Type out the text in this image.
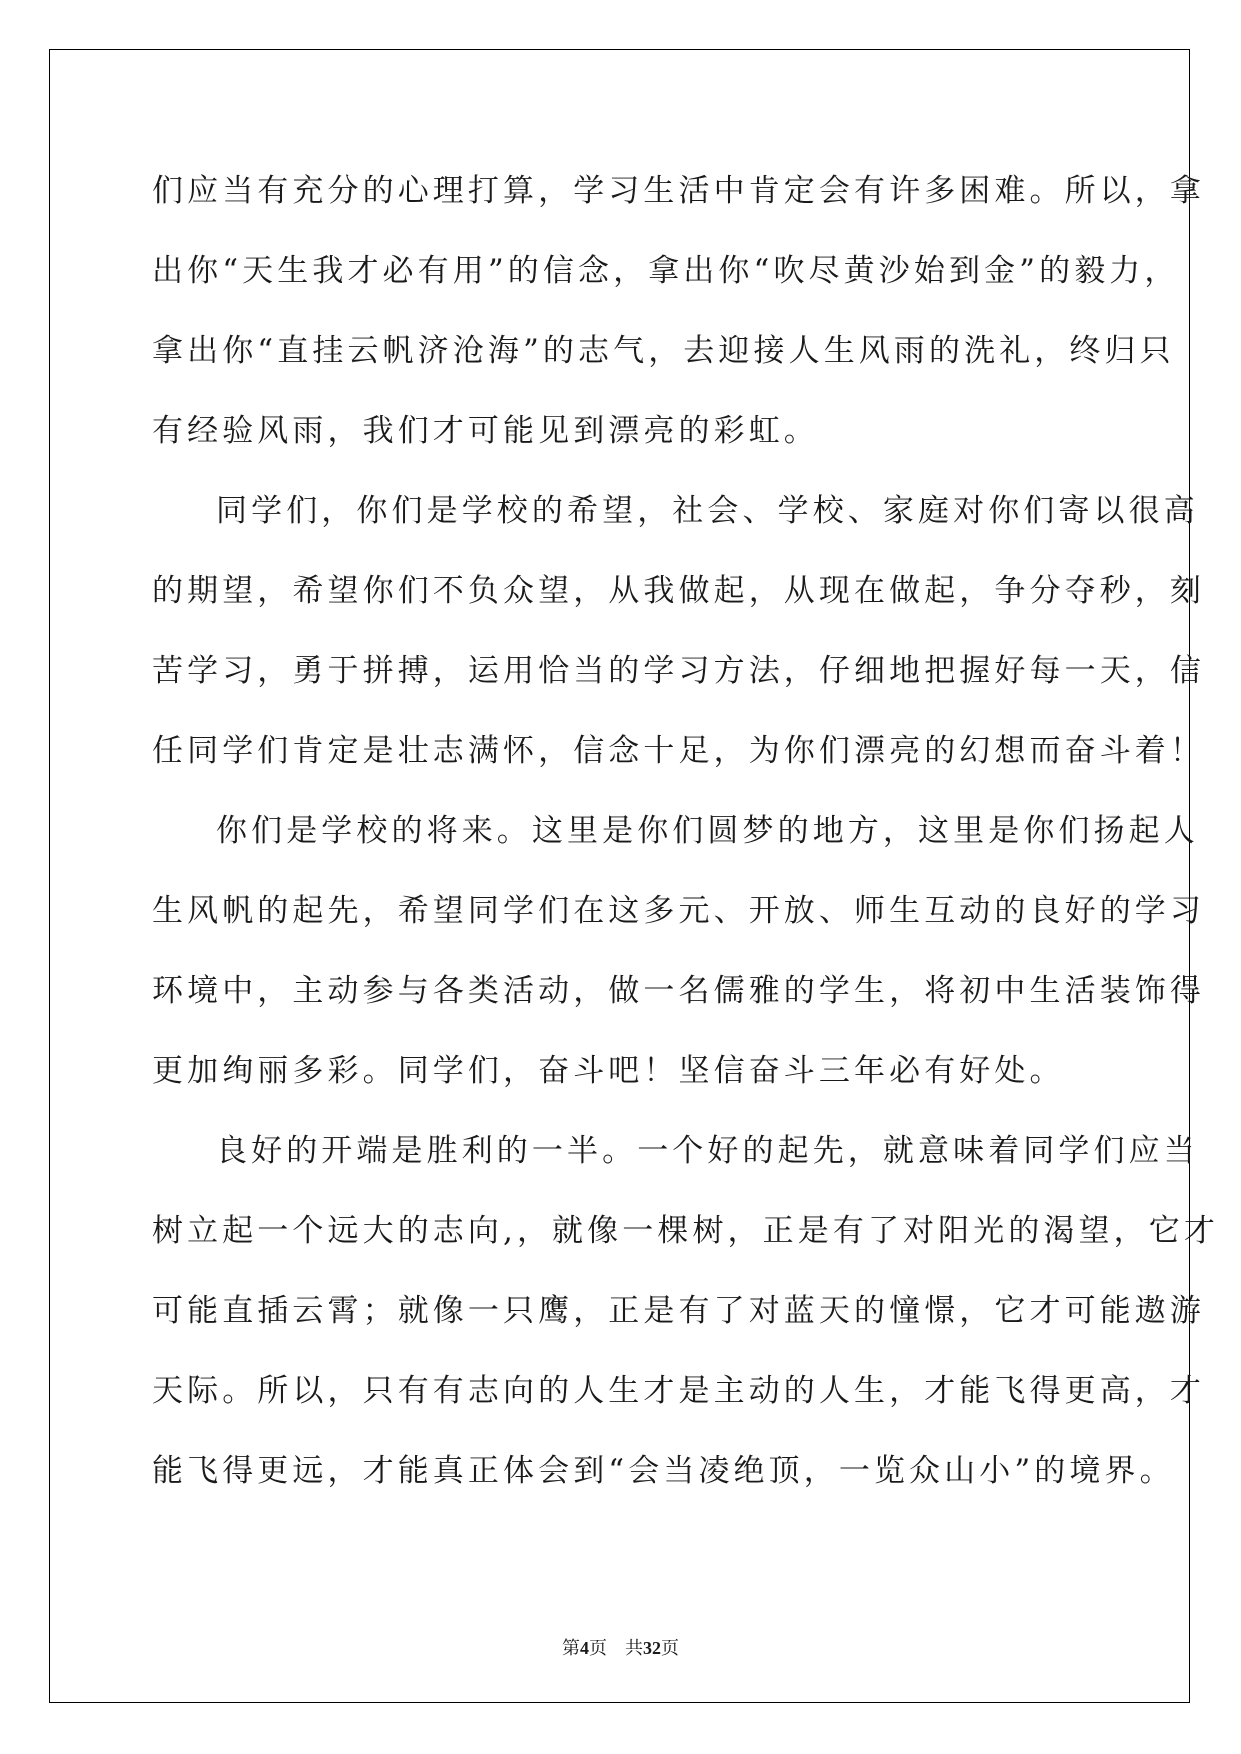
们应当有充分的心理打算，学习生活中肯定会有许多困难。所以，拿
出你“天生我才必有用”的信念，拿出你“吹尽黄沙始到金”的毅力，
拿出你“直挂云帆济沧海”的志气，去迎接人生风雨的洗礼，终归只
有经验风雨，我们才可能见到漂亮的彩虹。
同学们，你们是学校的希望，社会、学校、家庭对你们寄以很高
的期望，希望你们不负众望，从我做起，从现在做起，争分夺秒，刻
苦学习，勇于拼搏，运用恰当的学习方法，仔细地把握好每一天，信
任同学们肯定是壮志满怀，信念十足，为你们漂亮的幻想而奋斗着！
你们是学校的将来。这里是你们圆梦的地方，这里是你们扬起人
生风帆的起先，希望同学们在这多元、开放、师生互动的良好的学习
环境中，主动参与各类活动，做一名儒雅的学生，将初中生活装饰得
更加绚丽多彩。同学们，奋斗吧！坚信奋斗三年必有好处。
良好的开端是胜利的一半。一个好的起先，就意味着同学们应当
树立起一个远大的志向,，就像一棵树，正是有了对阳光的渴望，它才
可能直插云霄；就像一只鹰，正是有了对蓝天的憧憬，它才可能遨游
天际。所以，只有有志向的人生才是主动的人生，才能飞得更高，才
能飞得更远，才能真正体会到“会当凌绝顶，一览众山小”的境界。
第4页 共32页
